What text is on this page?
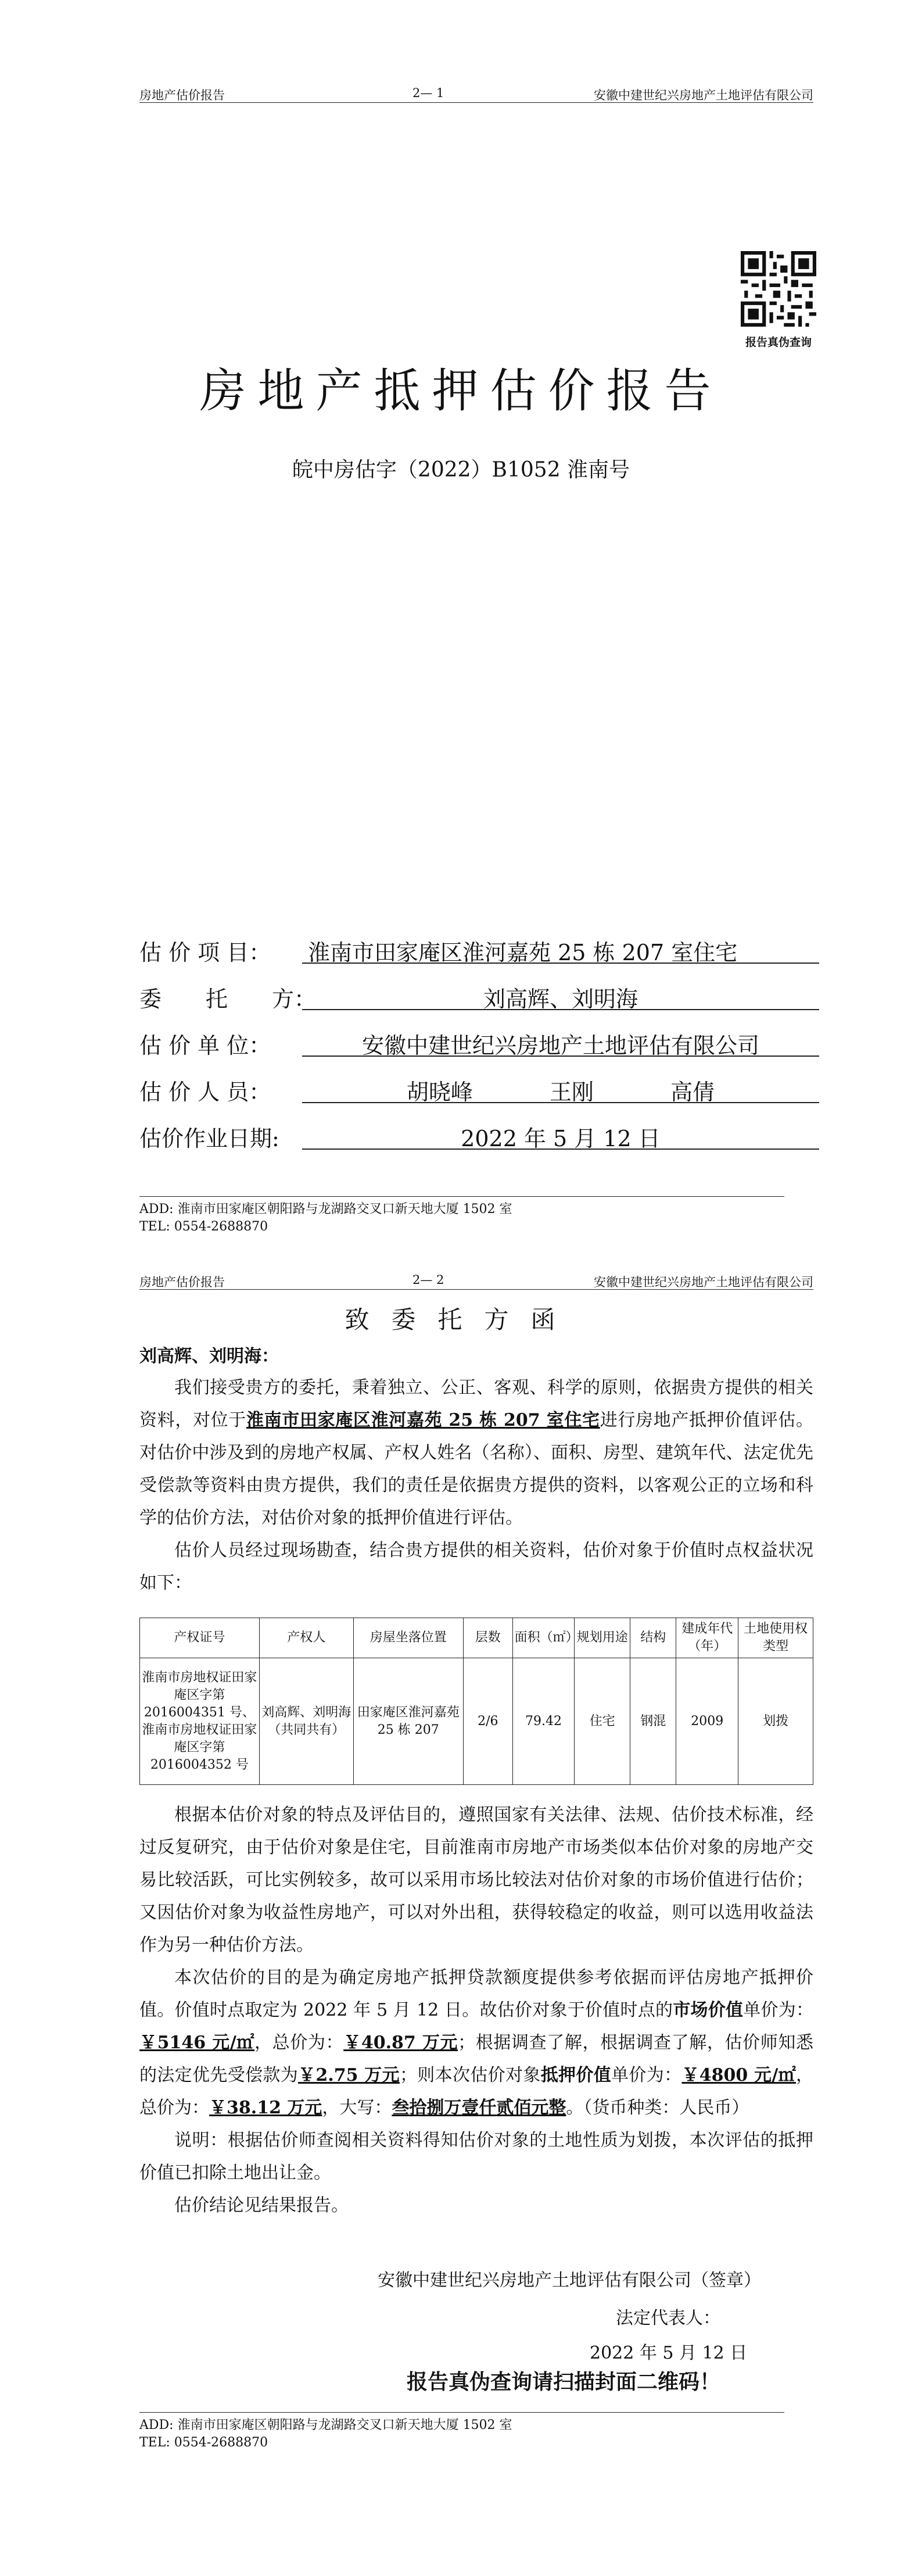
房地产估价报告	2— 1	安徽中建世纪兴房地产土地评估有限公司
报告真伪查询
房地产抵押估价报告
皖中房估字（2022）B1052 淮南号
估 价 项 目： 淮南市田家庵区淮河嘉苑 25 栋 207 室住宅
委　　托　　方：	刘高辉、刘明海
估 价 单 位：	安徽中建世纪兴房地产土地评估有限公司
估 价 人 员：	胡晓峰	王刚	高倩
估价作业日期:	2022 年 5 月 12 日
ADD: 淮南市田家庵区朝阳路与龙湖路交叉口新天地大厦 1502 室
TEL: 0554-2688870
房地产估价报告	2— 2	安徽中建世纪兴房地产土地评估有限公司
致委托方函
刘高辉、刘明海：

我们接受贵方的委托，秉着独立、公正、客观、科学的原则，依据贵方提供的相关资料，对位于淮南市田家庵区淮河嘉苑 25 栋 207 室住宅进行房地产抵押价值评估。对估价中涉及到的房地产权属、产权人姓名（名称）、面积、房型、建筑年代、法定优先受偿款等资料由贵方提供，我们的责任是依据贵方提供的资料，以客观公正的立场和科学的估价方法，对估价对象的抵押价值进行评估。

估价人员经过现场勘查，结合贵方提供的相关资料，估价对象于价值时点权益状况如下：

产权证号	产权人	房屋坐落位置	层数	面积（㎡）	规划用途	结构	建成年代（年）	土地使用权类型
淮南市房地权证田家庵区字第 2016004351 号、淮南市房地权证田家庵区字第 2016004352 号	刘高辉、刘明海（共同共有）	田家庵区淮河嘉苑 25 栋 207	2/6	79.42	住宅	钢混	2009	划拨

根据本估价对象的特点及评估目的，遵照国家有关法律、法规、估价技术标准，经过反复研究，由于估价对象是住宅，目前淮南市房地产市场类似本估价对象的房地产交易比较活跃，可比实例较多，故可以采用市场比较法对估价对象的市场价值进行估价；又因估价对象为收益性房地产，可以对外出租，获得较稳定的收益，则可以选用收益法作为另一种估价方法。

本次估价的目的是为确定房地产抵押贷款额度提供参考依据而评估房地产抵押价值。价值时点取定为 2022 年 5 月 12 日。故估价对象于价值时点的市场价值单价为：￥5146 元/㎡，总价为：￥40.87 万元；根据调查了解，根据调查了解，估价师知悉的法定优先受偿款为￥2.75 万元；则本次估价对象抵押价值单价为：￥4800 元/㎡，总价为：￥38.12 万元，大写：叁拾捌万壹仟贰佰元整。（货币种类：人民币）

说明：根据估价师查阅相关资料得知估价对象的土地性质为划拨，本次评估的抵押价值已扣除土地出让金。

估价结论见结果报告。

安徽中建世纪兴房地产土地评估有限公司（签章）
法定代表人：
2022 年 5 月 12 日
报告真伪查询请扫描封面二维码！
ADD: 淮南市田家庵区朝阳路与龙湖路交叉口新天地大厦 1502 室
TEL: 0554-2688870
